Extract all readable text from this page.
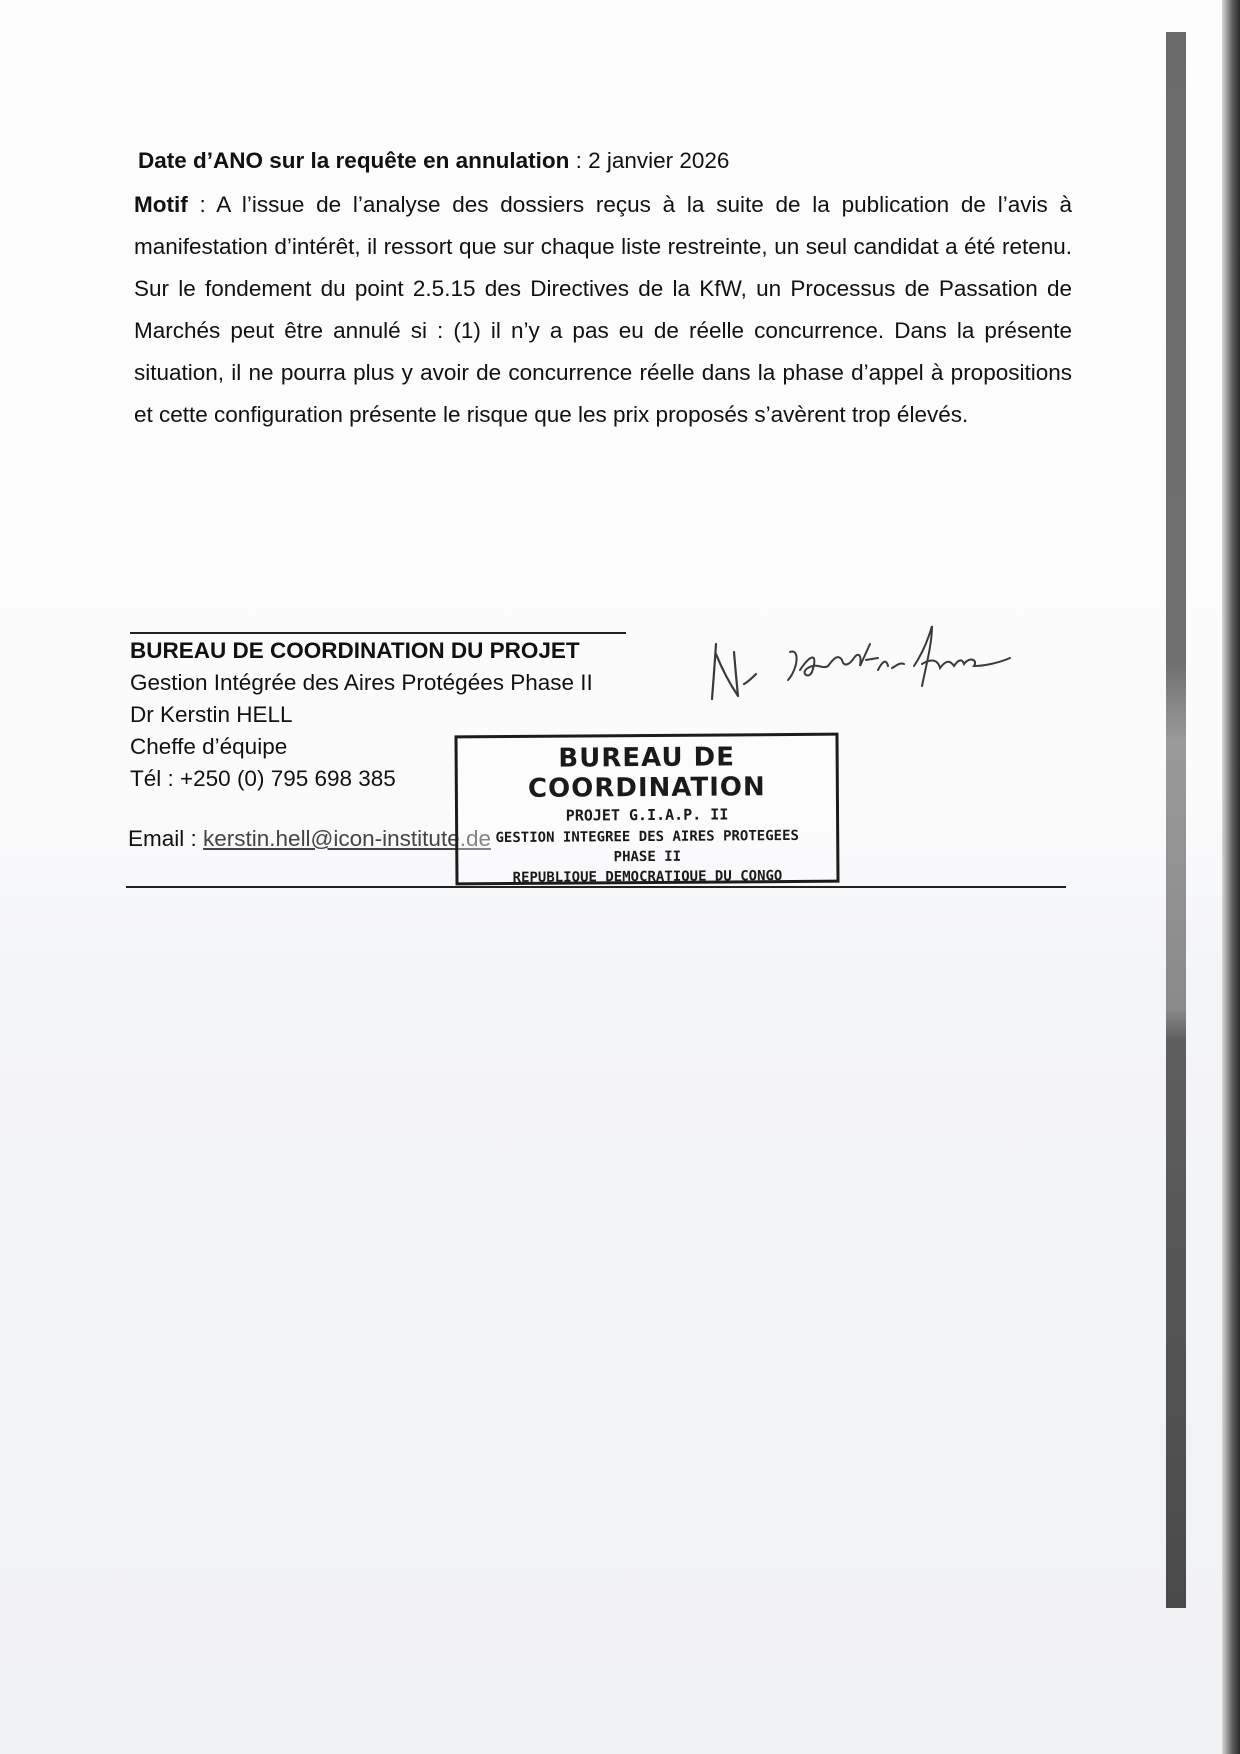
Date d’ANO sur la requête en annulation : 2 janvier 2026

Motif : A l’issue de l’analyse des dossiers reçus à la suite de la publication de l’avis à manifestation d’intérêt, il ressort que sur chaque liste restreinte, un seul candidat a été retenu. Sur le fondement du point 2.5.15 des Directives de la KfW, un Processus de Passation de Marchés peut être annulé si : (1) il n’y a pas eu de réelle concurrence. Dans la présente situation, il ne pourra plus y avoir de concurrence réelle dans la phase d’appel à propositions et cette configuration présente le risque que les prix proposés s’avèrent trop élevés.

BUREAU DE COORDINATION DU PROJET
Gestion Intégrée des Aires Protégées Phase II
Dr Kerstin HELL
Cheffe d’équipe
Tél : +250 (0) 795 698 385
Email : kerstin.hell@icon-institute.de
BUREAU DE COORDINATION
PROJET G.I.A.P. II
GESTION INTEGREE DES AIRES PROTEGEES
PHASE II
REPUBLIQUE DEMOCRATIQUE DU CONGO
